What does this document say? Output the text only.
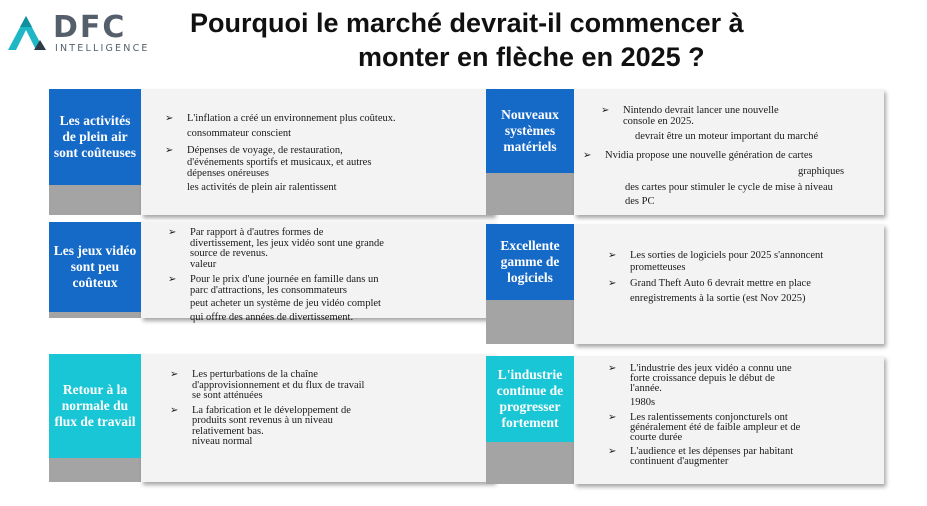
DFC
INTELLIGENCE
Pourquoi le marché devrait-il commencer à
monter en flèche en 2025 ?
Les activités de plein air sont coûteuses
➢ L'inflation a créé un environnement plus coûteux.
consommateur conscient
➢ Dépenses de voyage, de restauration,
d'événements sportifs et musicaux, et autres
dépenses onéreuses
les activités de plein air ralentissent
Les jeux vidéo sont peu coûteux
➢ Par rapport à d'autres formes de
divertissement, les jeux vidéo sont une grande
source de revenus.
valeur
➢ Pour le prix d'une journée en famille dans un
parc d'attractions, les consommateurs
peut acheter un système de jeu vidéo complet
qui offre des années de divertissement.
Retour à la normale du flux de travail
➢ Les perturbations de la chaîne
d'approvisionnement et du flux de travail
se sont atténuées
➢ La fabrication et le développement de
produits sont revenus à un niveau
relativement bas.
niveau normal
Nouveaux systèmes matériels
➢ Nintendo devrait lancer une nouvelle
console en 2025.
devrait être un moteur important du marché
➢ Nvidia propose une nouvelle génération de cartes
graphiques
des cartes pour stimuler le cycle de mise à niveau
des PC
Excellente gamme de logiciels
➢ Les sorties de logiciels pour 2025 s'annoncent
prometteuses
➢ Grand Theft Auto 6 devrait mettre en place
enregistrements à la sortie (est Nov 2025)
L'industrie continue de progresser fortement
➢ L'industrie des jeux vidéo a connu une
forte croissance depuis le début de
l'année.
1980s
➢ Les ralentissements conjoncturels ont
généralement été de faible ampleur et de
courte durée
➢ L'audience et les dépenses par habitant
continuent d'augmenter
